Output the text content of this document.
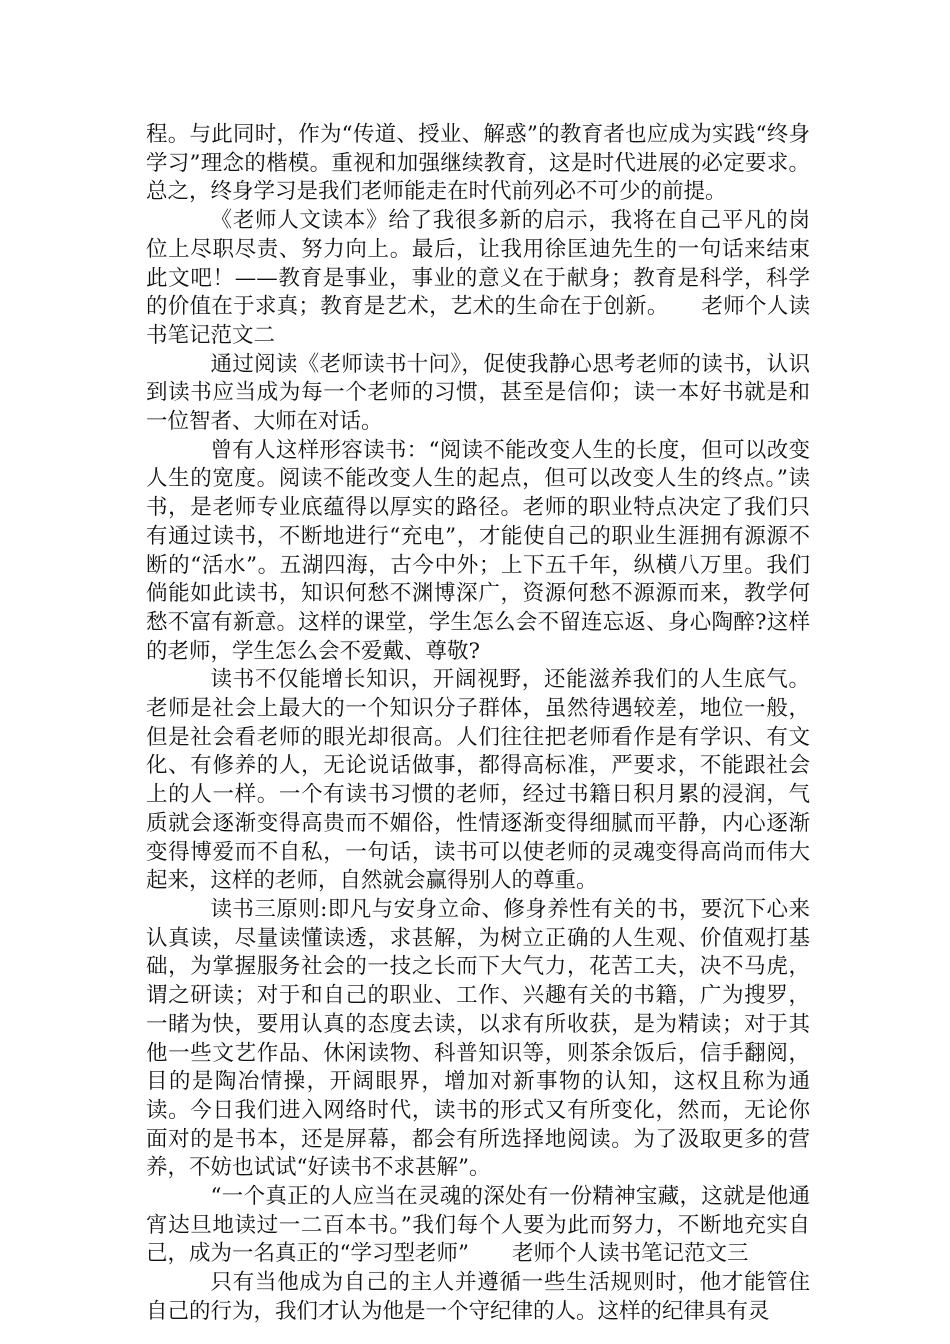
程。与此同时，作为“传道、授业、解惑”的教育者也应成为实践“终身学习”理念的楷模。重视和加强继续教育，这是时代进展的必定要求。总之，终身学习是我们老师能走在时代前列必不可少的前提。

《老师人文读本》给了我很多新的启示，我将在自己平凡的岗位上尽职尽责、努力向上。最后，让我用徐匡迪先生的一句话来结束此文吧！——教育是事业，事业的意义在于献身；教育是科学，科学的价值在于求真；教育是艺术，艺术的生命在于创新。　　老师个人读书笔记范文二

通过阅读《老师读书十问》，促使我静心思考老师的读书，认识到读书应当成为每一个老师的习惯，甚至是信仰；读一本好书就是和一位智者、大师在对话。

曾有人这样形容读书：“阅读不能改变人生的长度，但可以改变人生的宽度。阅读不能改变人生的起点，但可以改变人生的终点。”读书，是老师专业底蕴得以厚实的路径。老师的职业特点决定了我们只有通过读书，不断地进行“充电”，才能使自己的职业生涯拥有源源不断的“活水”。五湖四海，古今中外；上下五千年，纵横八万里。我们倘能如此读书，知识何愁不渊博深广，资源何愁不源源而来，教学何愁不富有新意。这样的课堂，学生怎么会不留连忘返、身心陶醉?这样的老师，学生怎么会不爱戴、尊敬?

读书不仅能增长知识，开阔视野，还能滋养我们的人生底气。老师是社会上最大的一个知识分子群体，虽然待遇较差，地位一般，但是社会看老师的眼光却很高。人们往往把老师看作是有学识、有文化、有修养的人，无论说话做事，都得高标准，严要求，不能跟社会上的人一样。一个有读书习惯的老师，经过书籍日积月累的浸润，气质就会逐渐变得高贵而不媚俗，性情逐渐变得细腻而平静，内心逐渐变得博爱而不自私，一句话，读书可以使老师的灵魂变得高尚而伟大起来，这样的老师，自然就会赢得别人的尊重。

读书三原则:即凡与安身立命、修身养性有关的书，要沉下心来认真读，尽量读懂读透，求甚解，为树立正确的人生观、价值观打基础，为掌握服务社会的一技之长而下大气力，花苦工夫，决不马虎，谓之研读；对于和自己的职业、工作、兴趣有关的书籍，广为搜罗，一睹为快，要用认真的态度去读，以求有所收获，是为精读；对于其他一些文艺作品、休闲读物、科普知识等，则茶余饭后，信手翻阅，目的是陶冶情操，开阔眼界，增加对新事物的认知，这权且称为通读。今日我们进入网络时代，读书的形式又有所变化，然而，无论你面对的是书本，还是屏幕，都会有所选择地阅读。为了汲取更多的营养，不妨也试试“好读书不求甚解”。

“一个真正的人应当在灵魂的深处有一份精神宝藏，这就是他通宵达旦地读过一二百本书。”我们每个人要为此而努力，不断地充实自己，成为一名真正的“学习型老师”　　老师个人读书笔记范文三

只有当他成为自己的主人并遵循一些生活规则时，他才能管住自己的行为，我们才认为他是一个守纪律的人。这样的纪律具有灵
